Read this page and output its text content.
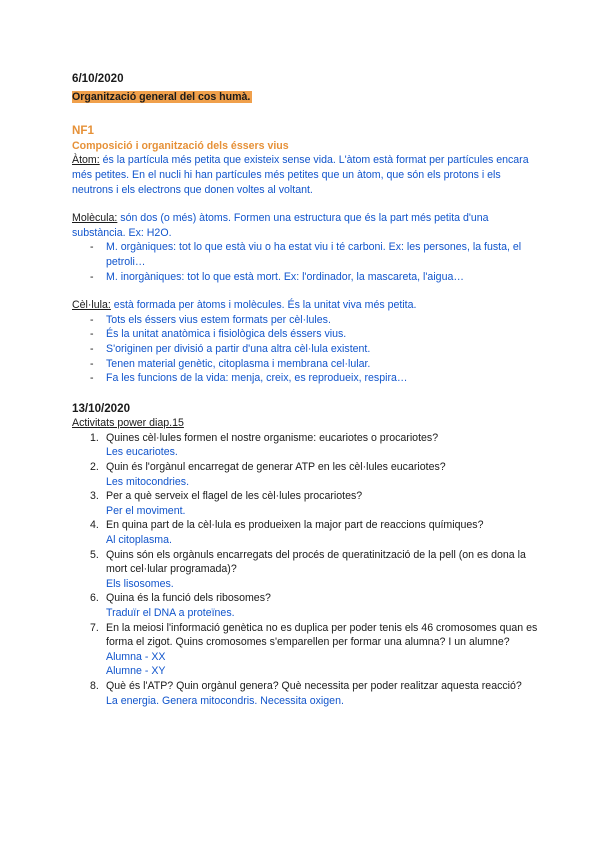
6/10/2020
Organització general del cos humà.
NF1
Composició i organització dels éssers vius

Àtom: és la partícula més petita que existeix sense vida. L'àtom està format per partícules encara més petites. En el nucli hi han partícules més petites que un àtom, que són els protons i els neutrons i els electrons que donen voltes al voltant.

Molècula: són dos (o més) àtoms. Formen una estructura que és la part més petita d'una substància. Ex: H2O.

- M. orgàniques: tot lo que està viu o ha estat viu i té carboni. Ex: les persones, la fusta, el petroli…
- M. inorgàniques: tot lo que està mort. Ex: l'ordinador, la mascareta, l'aigua…

Cèl·lula: està formada per àtoms i molècules. És la unitat viva més petita.

- Tots els éssers vius estem formats per cèl·lules.
- És la unitat anatòmica i fisiològica dels éssers vius.
- S'originen per divisió a partir d'una altra cèl·lula existent.
- Tenen material genètic, citoplasma i membrana cel·lular.
- Fa les funcions de la vida: menja, creix, es reprodueix, respira…
13/10/2020
Activitats power diap.15
1. Quines cèl·lules formen el nostre organisme: eucariotes o procariotes?
Les eucariotes.
2. Quin és l'orgànul encarregat de generar ATP en les cèl·lules eucariotes?
Les mitocondries.
3. Per a què serveix el flagel de les cèl·lules procariotes?
Per el moviment.
4. En quina part de la cèl·lula es produeixen la major part de reaccions químiques?
Al citoplasma.
5. Quins són els orgànuls encarregats del procés de queratinització de la pell (on es dona la mort cel·lular programada)?
Els lisosomes.
6. Quina és la funció dels ribosomes?
Traduïr el DNA a proteïnes.
7. En la meiosi l'informació genètica no es duplica per poder tenis els 46 cromosomes quan es forma el zigot. Quins cromosomes s'emparellen per formar una alumna? I un alumne?
Alumna - XX
Alumne - XY
8. Què és l'ATP? Quin orgànul genera? Què necessita per poder realitzar aquesta reacció?
La energia. Genera mitocondris. Necessita oxigen.
